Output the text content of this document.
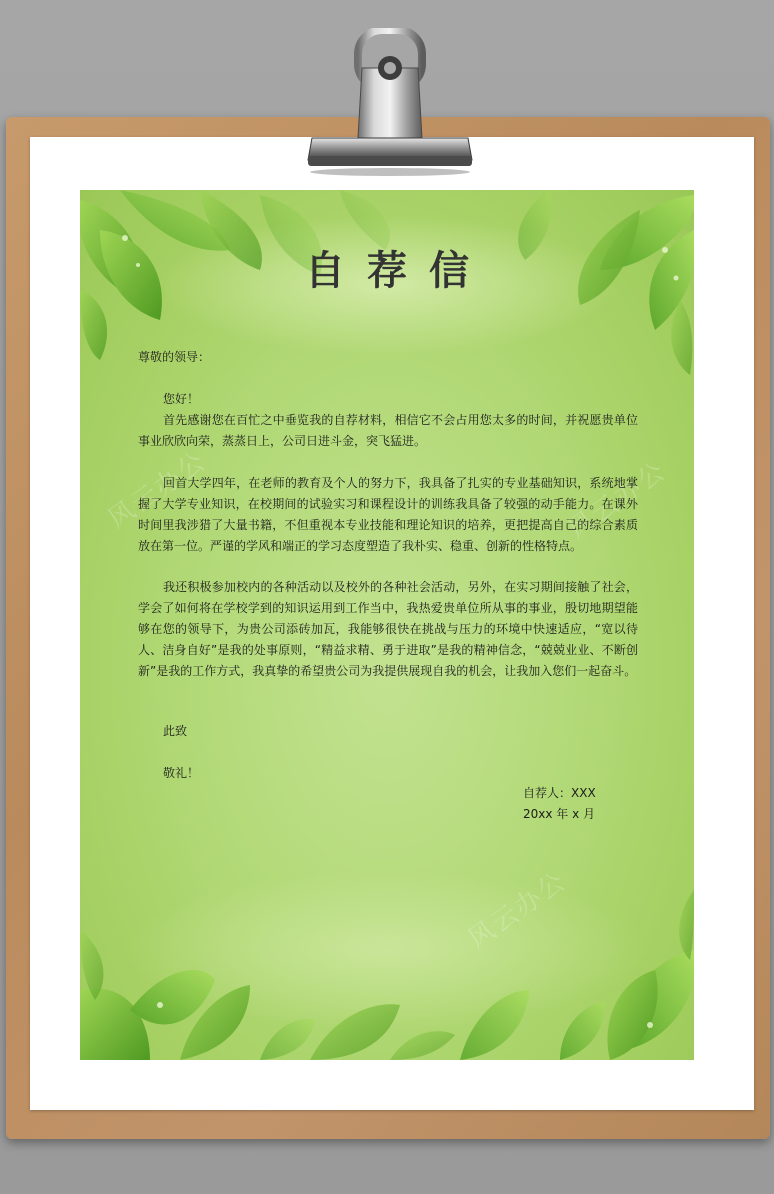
风云办公	风云办公
风云办公
自荐信
尊敬的领导：
您好！
首先感谢您在百忙之中垂览我的自荐材料，相信它不会占用您太多的时间，并祝愿贵单位事业欣欣向荣，蒸蒸日上，公司日进斗金，突飞猛进。
回首大学四年，在老师的教育及个人的努力下，我具备了扎实的专业基础知识，系统地掌握了大学专业知识，在校期间的试验实习和课程设计的训练我具备了较强的动手能力。在课外时间里我涉猎了大量书籍，不但重视本专业技能和理论知识的培养，更把提高自己的综合素质放在第一位。严谨的学风和端正的学习态度塑造了我朴实、稳重、创新的性格特点。
我还积极参加校内的各种活动以及校外的各种社会活动，另外，在实习期间接触了社会，学会了如何将在学校学到的知识运用到工作当中，我热爱贵单位所从事的事业，殷切地期望能够在您的领导下，为贵公司添砖加瓦，我能够很快在挑战与压力的环境中快速适应，“宽以待人、洁身自好”是我的处事原则，“精益求精、勇于进取”是我的精神信念，“兢兢业业、不断创新”是我的工作方式，我真挚的希望贵公司为我提供展现自我的机会，让我加入您们一起奋斗。
此致
敬礼！
自荐人：XXX
20xx 年 x 月
